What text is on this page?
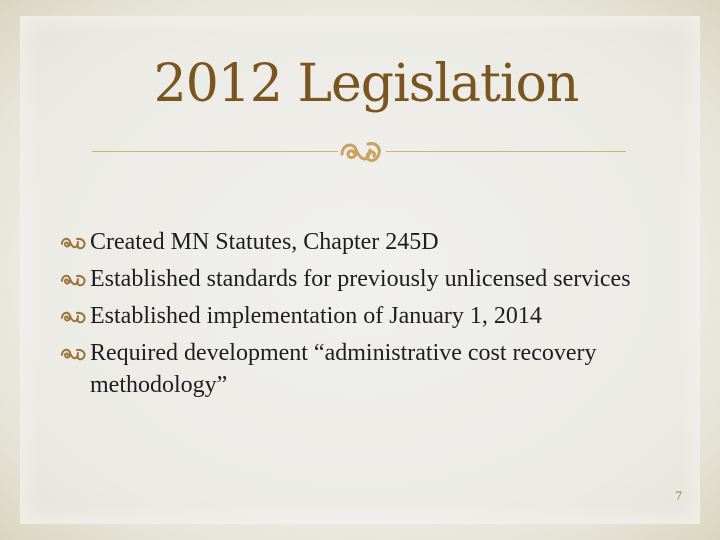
2012 Legislation
Created MN Statutes, Chapter 245D
Established standards for previously unlicensed services
Established implementation of January 1, 2014
Required development “administrative cost recovery methodology”
7
